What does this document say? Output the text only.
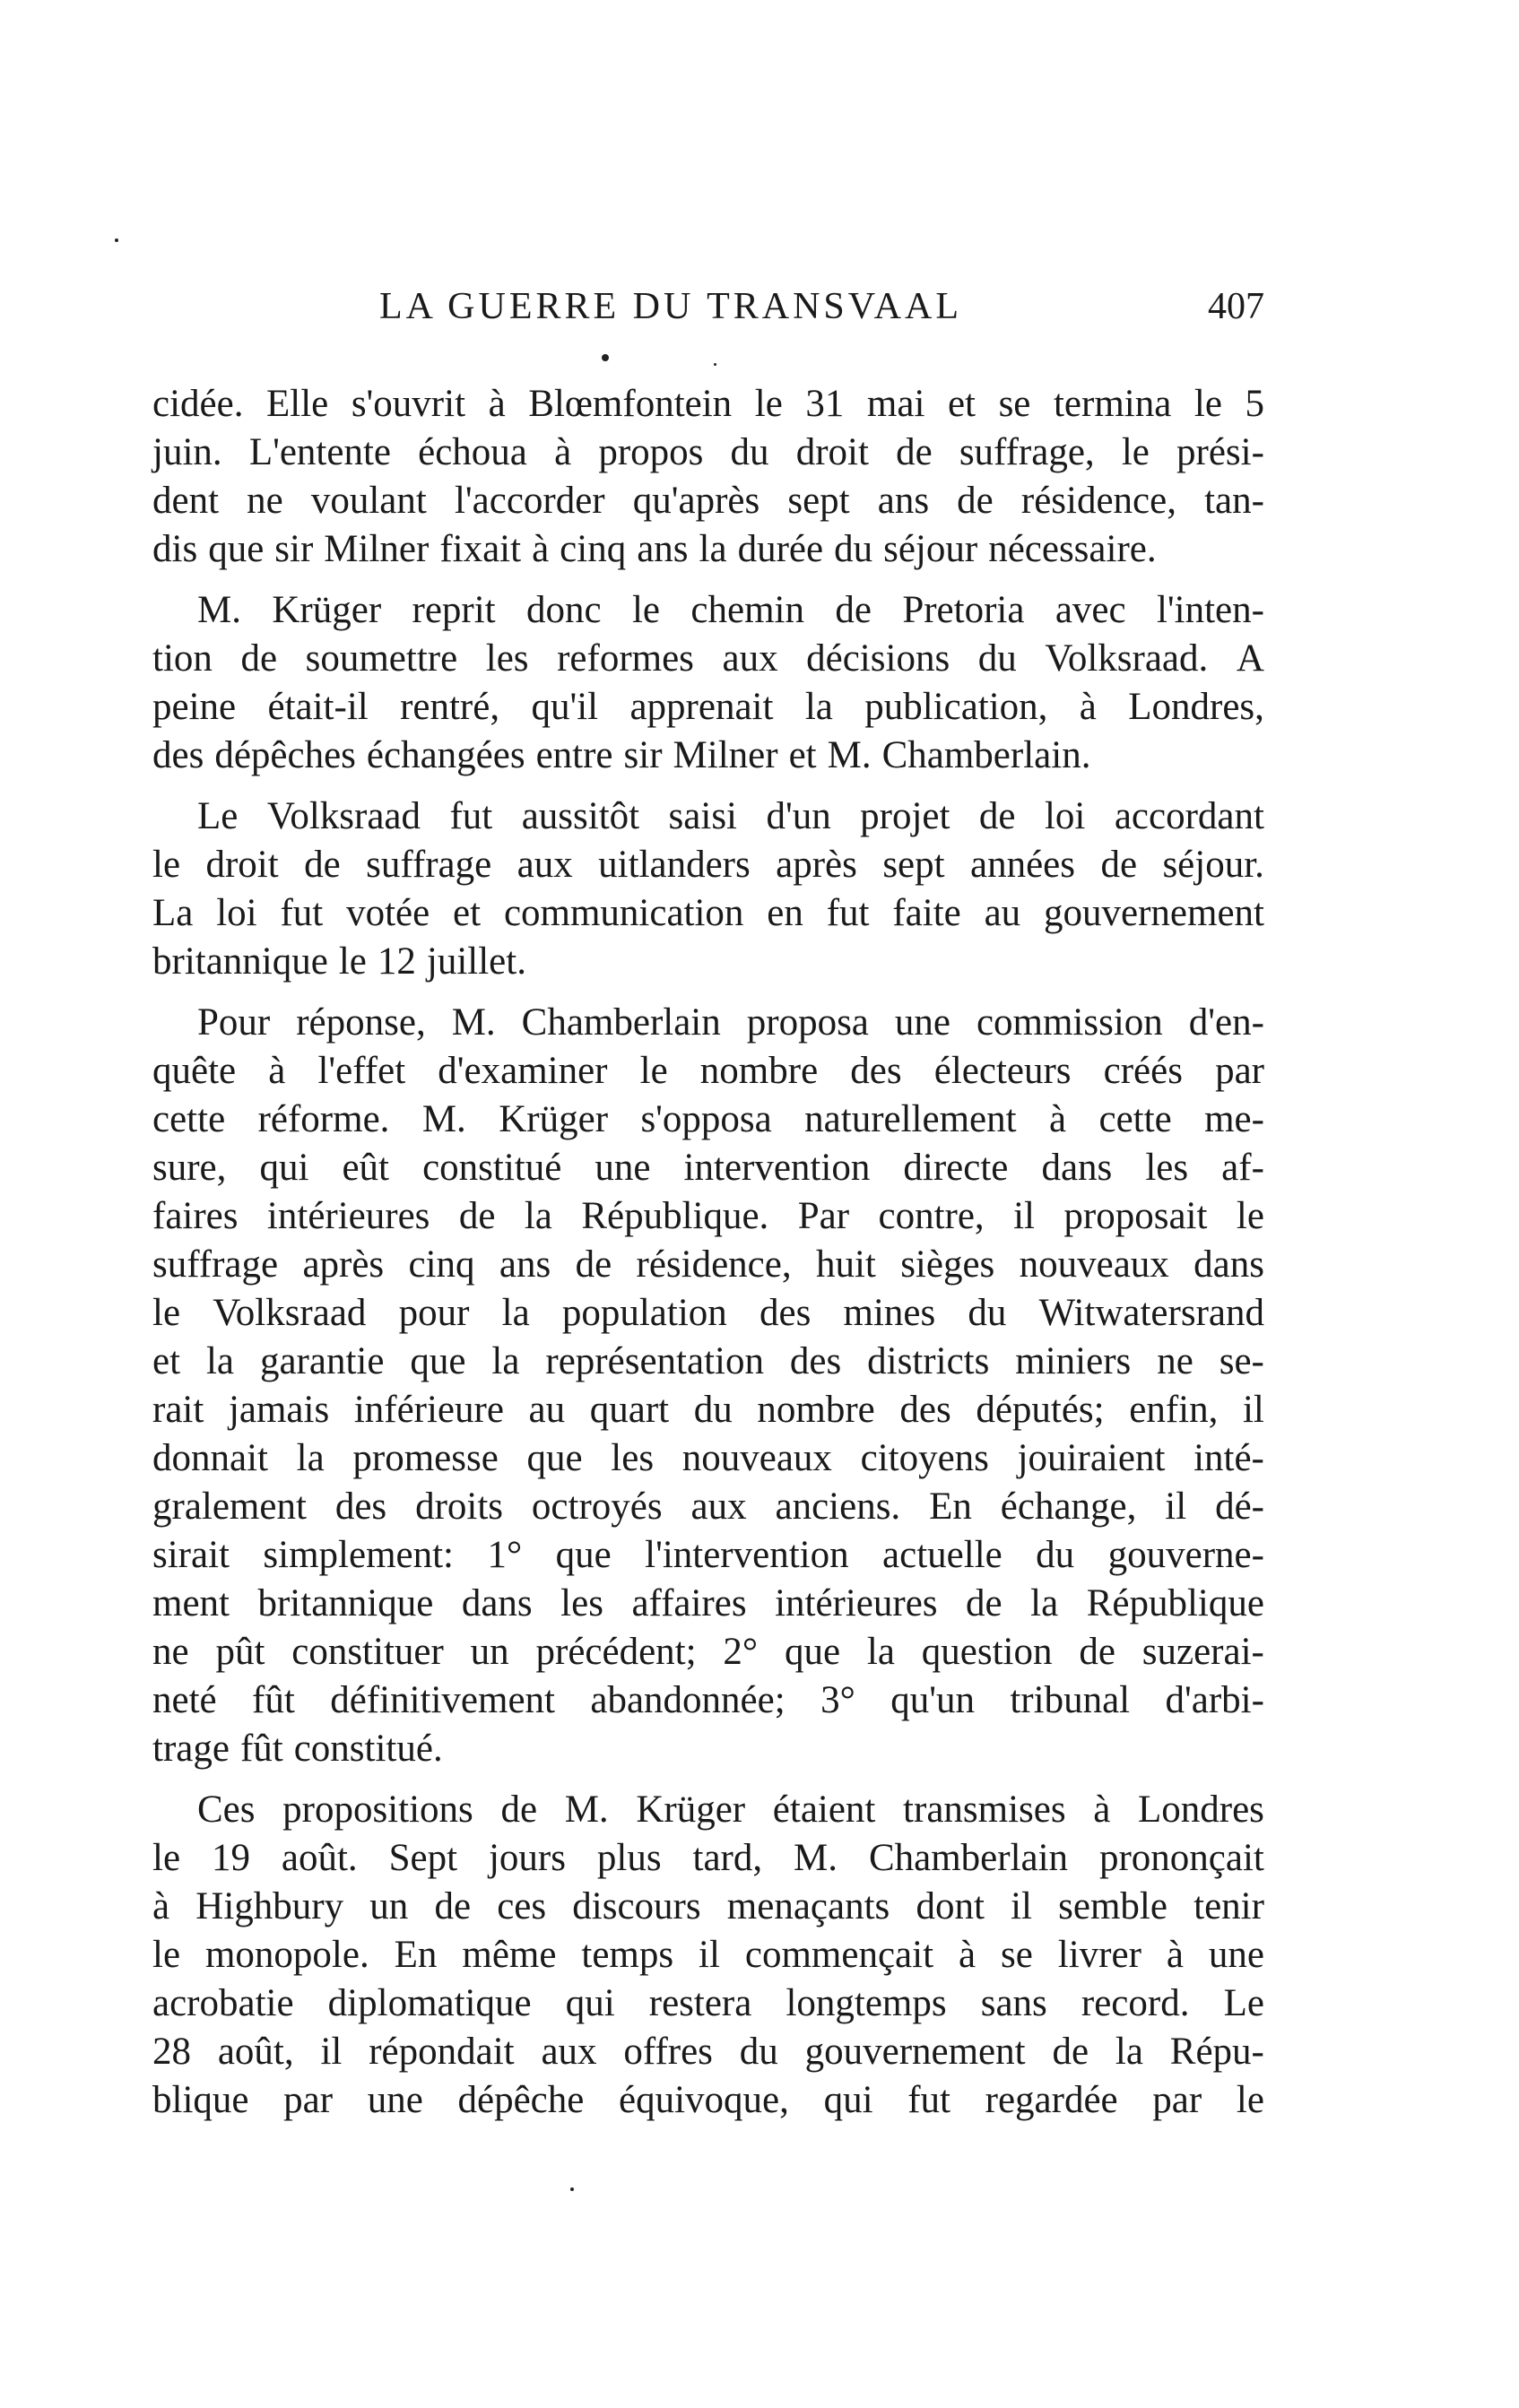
LA GUERRE DU TRANSVAAL	407
cidée. Elle s'ouvrit à Blœmfontein le 31 mai et se termina le 5
juin. L'entente échoua à propos du droit de suffrage, le prési-
dent ne voulant l'accorder qu'après sept ans de résidence, tan-
dis que sir Milner fixait à cinq ans la durée du séjour nécessaire.
M. Krüger reprit donc le chemin de Pretoria avec l'inten-
tion de soumettre les reformes aux décisions du Volksraad. A
peine était-il rentré, qu'il apprenait la publication, à Londres,
des dépêches échangées entre sir Milner et M. Chamberlain.
Le Volksraad fut aussitôt saisi d'un projet de loi accordant
le droit de suffrage aux uitlanders après sept années de séjour.
La loi fut votée et communication en fut faite au gouvernement
britannique le 12 juillet.
Pour réponse, M. Chamberlain proposa une commission d'en-
quête à l'effet d'examiner le nombre des électeurs créés par
cette réforme. M. Krüger s'opposa naturellement à cette me-
sure, qui eût constitué une intervention directe dans les af-
faires intérieures de la République. Par contre, il proposait le
suffrage après cinq ans de résidence, huit sièges nouveaux dans
le Volksraad pour la population des mines du Witwatersrand
et la garantie que la représentation des districts miniers ne se-
rait jamais inférieure au quart du nombre des députés; enfin, il
donnait la promesse que les nouveaux citoyens jouiraient inté-
gralement des droits octroyés aux anciens. En échange, il dé-
sirait simplement: 1° que l'intervention actuelle du gouverne-
ment britannique dans les affaires intérieures de la République
ne pût constituer un précédent; 2° que la question de suzerai-
neté fût définitivement abandonnée; 3° qu'un tribunal d'arbi-
trage fût constitué.
Ces propositions de M. Krüger étaient transmises à Londres
le 19 août. Sept jours plus tard, M. Chamberlain prononçait
à Highbury un de ces discours menaçants dont il semble tenir
le monopole. En même temps il commençait à se livrer à une
acrobatie diplomatique qui restera longtemps sans record. Le
28 août, il répondait aux offres du gouvernement de la Répu-
blique par une dépêche équivoque, qui fut regardée par le
